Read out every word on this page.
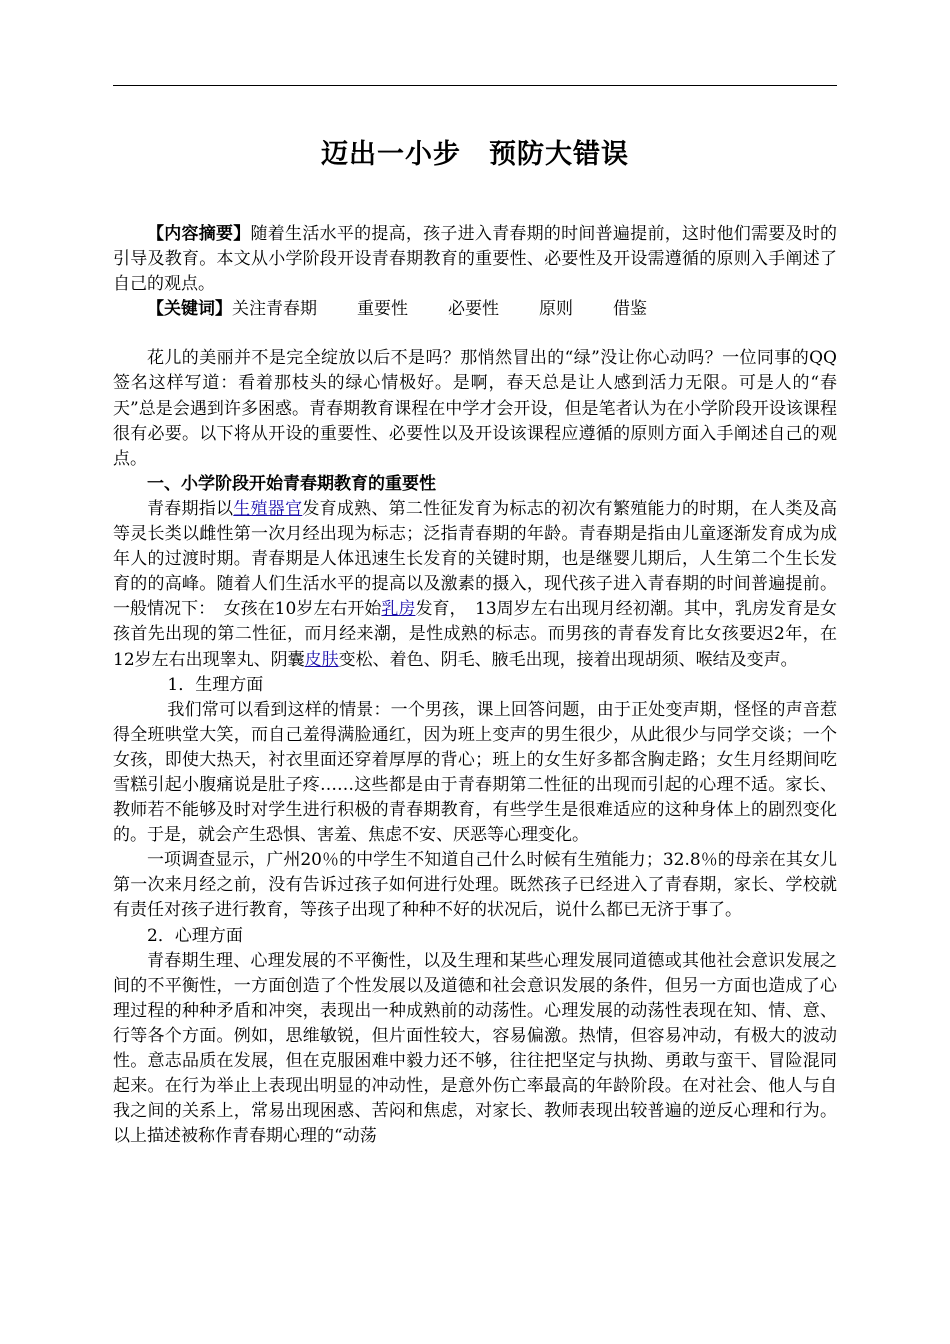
迈出一小步　预防大错误

【内容摘要】随着生活水平的提高，孩子进入青春期的时间普遍提前，这时他们需要及时的引导及教育。本文从小学阶段开设青春期教育的重要性、必要性及开设需遵循的原则入手阐述了自己的观点。

【关键词】关注青春期 重要性 必要性 原则 借鉴

花儿的美丽并不是完全绽放以后不是吗？那悄然冒出的“绿”没让你心动吗？一位同事的QQ签名这样写道：看着那枝头的绿心情极好。是啊，春天总是让人感到活力无限。可是人的“春天”总是会遇到许多困惑。青春期教育课程在中学才会开设，但是笔者认为在小学阶段开设该课程很有必要。以下将从开设的重要性、必要性以及开设该课程应遵循的原则方面入手阐述自己的观点。

一、小学阶段开始青春期教育的重要性

青春期指以生殖器官发育成熟、第二性征发育为标志的初次有繁殖能力的时期，在人类及高等灵长类以雌性第一次月经出现为标志；泛指青春期的年龄。青春期是指由儿童逐渐发育成为成年人的过渡时期。青春期是人体迅速生长发育的关键时期，也是继婴儿期后，人生第二个生长发育的的高峰。随着人们生活水平的提高以及激素的摄入，现代孩子进入青春期的时间普遍提前。一般情况下：　女孩在10岁左右开始乳房发育，　13周岁左右出现月经初潮。其中，乳房发育是女孩首先出现的第二性征，而月经来潮，是性成熟的标志。而男孩的青春发育比女孩要迟2年，在12岁左右出现睾丸、阴囊皮肤变松、着色、阴毛、腋毛出现，接着出现胡须、喉结及变声。

1．生理方面

我们常可以看到这样的情景：一个男孩，课上回答问题，由于正处变声期，怪怪的声音惹得全班哄堂大笑，而自己羞得满脸通红，因为班上变声的男生很少，从此很少与同学交谈；一个女孩，即使大热天，衬衣里面还穿着厚厚的背心；班上的女生好多都含胸走路；女生月经期间吃雪糕引起小腹痛说是肚子疼……这些都是由于青春期第二性征的出现而引起的心理不适。家长、教师若不能够及时对学生进行积极的青春期教育，有些学生是很难适应的这种身体上的剧烈变化的。于是，就会产生恐惧、害羞、焦虑不安、厌恶等心理变化。

一项调查显示，广州20％的中学生不知道自己什么时候有生殖能力；32.8％的母亲在其女儿第一次来月经之前，没有告诉过孩子如何进行处理。既然孩子已经进入了青春期，家长、学校就有责任对孩子进行教育，等孩子出现了种种不好的状况后，说什么都已无济于事了。

2．心理方面

青春期生理、心理发展的不平衡性，以及生理和某些心理发展同道德或其他社会意识发展之间的不平衡性，一方面创造了个性发展以及道德和社会意识发展的条件，但另一方面也造成了心理过程的种种矛盾和冲突，表现出一种成熟前的动荡性。心理发展的动荡性表现在知、情、意、行等各个方面。例如，思维敏锐，但片面性较大，容易偏激。热情，但容易冲动，有极大的波动性。意志品质在发展，但在克服困难中毅力还不够，往往把坚定与执拗、勇敢与蛮干、冒险混同起来。在行为举止上表现出明显的冲动性，是意外伤亡率最高的年龄阶段。在对社会、他人与自我之间的关系上，常易出现困惑、苦闷和焦虑，对家长、教师表现出较普遍的逆反心理和行为。以上描述被称作青春期心理的“动荡
